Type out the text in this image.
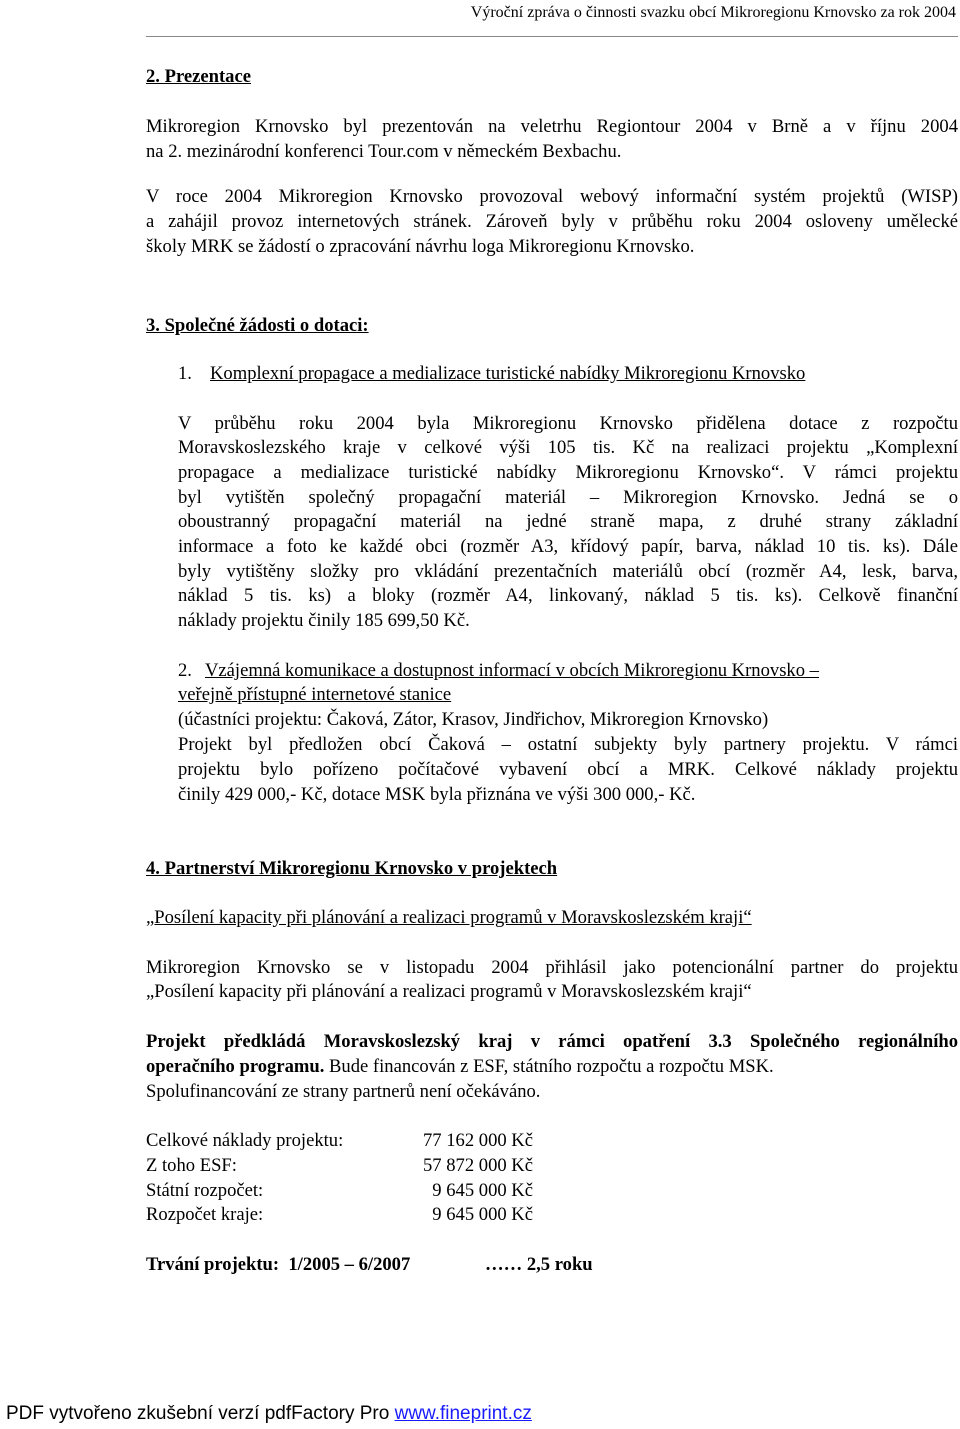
Výroční zpráva o činnosti svazku obcí Mikroregionu Krnovsko za rok 2004
2. Prezentace
Mikroregion Krnovsko byl prezentován na veletrhu Regiontour 2004 v Brně a v říjnu 2004
na 2. mezinárodní konferenci Tour.com v německém Bexbachu.
V roce 2004 Mikroregion Krnovsko provozoval webový informační systém projektů (WISP)
a zahájil provoz internetových stránek. Zároveň byly v průběhu roku 2004 osloveny umělecké
školy MRK se žádostí o zpracování návrhu loga Mikroregionu Krnovsko.
3. Společné žádosti o dotaci:
1. Komplexní propagace a medializace turistické nabídky Mikroregionu Krnovsko
V průběhu roku 2004 byla Mikroregionu Krnovsko přidělena dotace z rozpočtu
Moravskoslezského kraje v celkové výši 105 tis. Kč na realizaci projektu „Komplexní
propagace a medializace turistické nabídky Mikroregionu Krnovsko“. V rámci projektu
byl vytištěn společný propagační materiál – Mikroregion Krnovsko. Jedná se o
oboustranný propagační materiál na jedné straně mapa, z druhé strany základní
informace a foto ke každé obci (rozměr A3, křídový papír, barva, náklad 10 tis. ks). Dále
byly vytištěny složky pro vkládání prezentačních materiálů obcí (rozměr A4, lesk, barva,
náklad 5 tis. ks) a bloky (rozměr A4, linkovaný, náklad 5 tis. ks). Celkově finanční
náklady projektu činily 185 699,50 Kč.
2. Vzájemná komunikace a dostupnost informací v obcích Mikroregionu Krnovsko –
veřejně přístupné internetové stanice
(účastníci projektu: Čaková, Zátor, Krasov, Jindřichov, Mikroregion Krnovsko)
Projekt byl předložen obcí Čaková – ostatní subjekty byly partnery projektu. V rámci
projektu bylo pořízeno počítačové vybavení obcí a MRK. Celkové náklady projektu
činily 429 000,- Kč, dotace MSK byla přiznána ve výši 300 000,- Kč.
4. Partnerství Mikroregionu Krnovsko v projektech
„Posílení kapacity při plánování a realizaci programů v Moravskoslezském kraji“
Mikroregion Krnovsko se v listopadu 2004 přihlásil jako potencionální partner do projektu
„Posílení kapacity při plánování a realizaci programů v Moravskoslezském kraji“
Projekt předkládá Moravskoslezský kraj v rámci opatření 3.3 Společného regionálního
operačního programu. Bude financován z ESF, státního rozpočtu a rozpočtu MSK.
Spolufinancování ze strany partnerů není očekáváno.
Celkové náklady projektu:	77 162 000 Kč
Z toho ESF:	57 872 000 Kč
Státní rozpočet:	9 645 000 Kč
Rozpočet kraje:	9 645 000 Kč
Trvání projektu:  1/2005 – 6/2007	…… 2,5 roku
PDF vytvořeno zkušební verzí pdfFactory Pro www.fineprint.cz
